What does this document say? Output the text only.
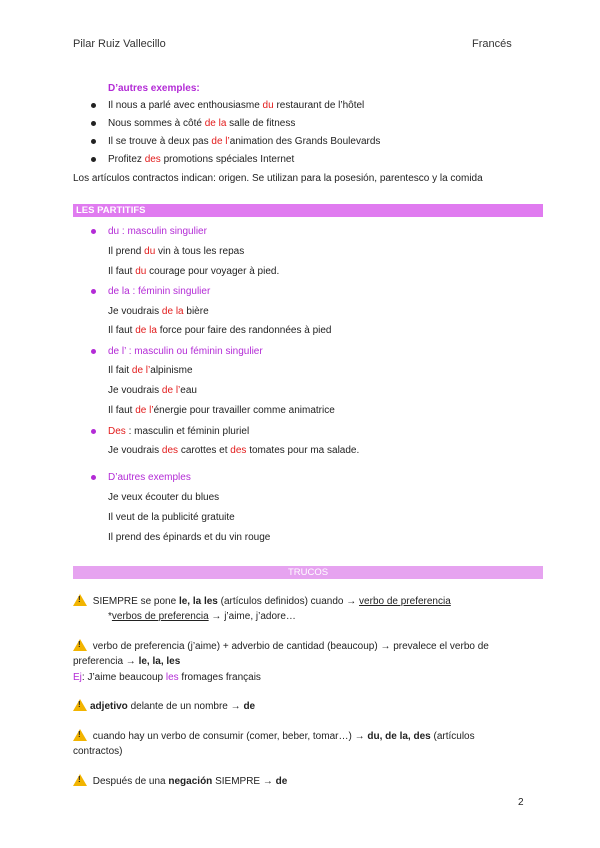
Pilar Ruiz Vallecillo	Francés
D’autres exemples:
Il nous a parlé avec enthousiasme du restaurant de l’hôtel
Nous sommes à côté de la salle de fitness
Il se trouve à deux pas de l’animation des Grands Boulevards
Profitez des promotions spéciales Internet
Los artículos contractos indican: origen. Se utilizan para la posesión, parentesco y la comida
LES PARTITIFS
du : masculin singulier
Il prend du vin à tous les repas
Il faut du courage pour voyager à pied.
de la : féminin singulier
Je voudrais de la bière
Il faut de la force pour faire des randonnées à pied
de l’ : masculin ou féminin singulier
Il fait de l’alpinisme
Je voudrais de l’eau
Il faut de l’énergie pour travailler comme animatrice
Des : masculin et féminin pluriel
Je voudrais des carottes et des tomates pour ma salade.
D’autres exemples
Je veux écouter du blues
Il veut de la publicité gratuite
Il prend des épinards et du vin rouge
TRUCOS
! SIEMPRE se pone le, la les (artículos definidos) cuando → verbo de preferencia
*verbos de preferencia → j’aime, j’adore…
! verbo de preferencia (j’aime) + adverbio de cantidad (beaucoup) → prevalece el verbo de
preferencia → le, la, les
Ej: J’aime beaucoup les fromages français
!adjetivo delante de un nombre → de
! cuando hay un verbo de consumir (comer, beber, tomar…) → du, de la, des (artículos
contractos)
! Después de una negación SIEMPRE → de
2
